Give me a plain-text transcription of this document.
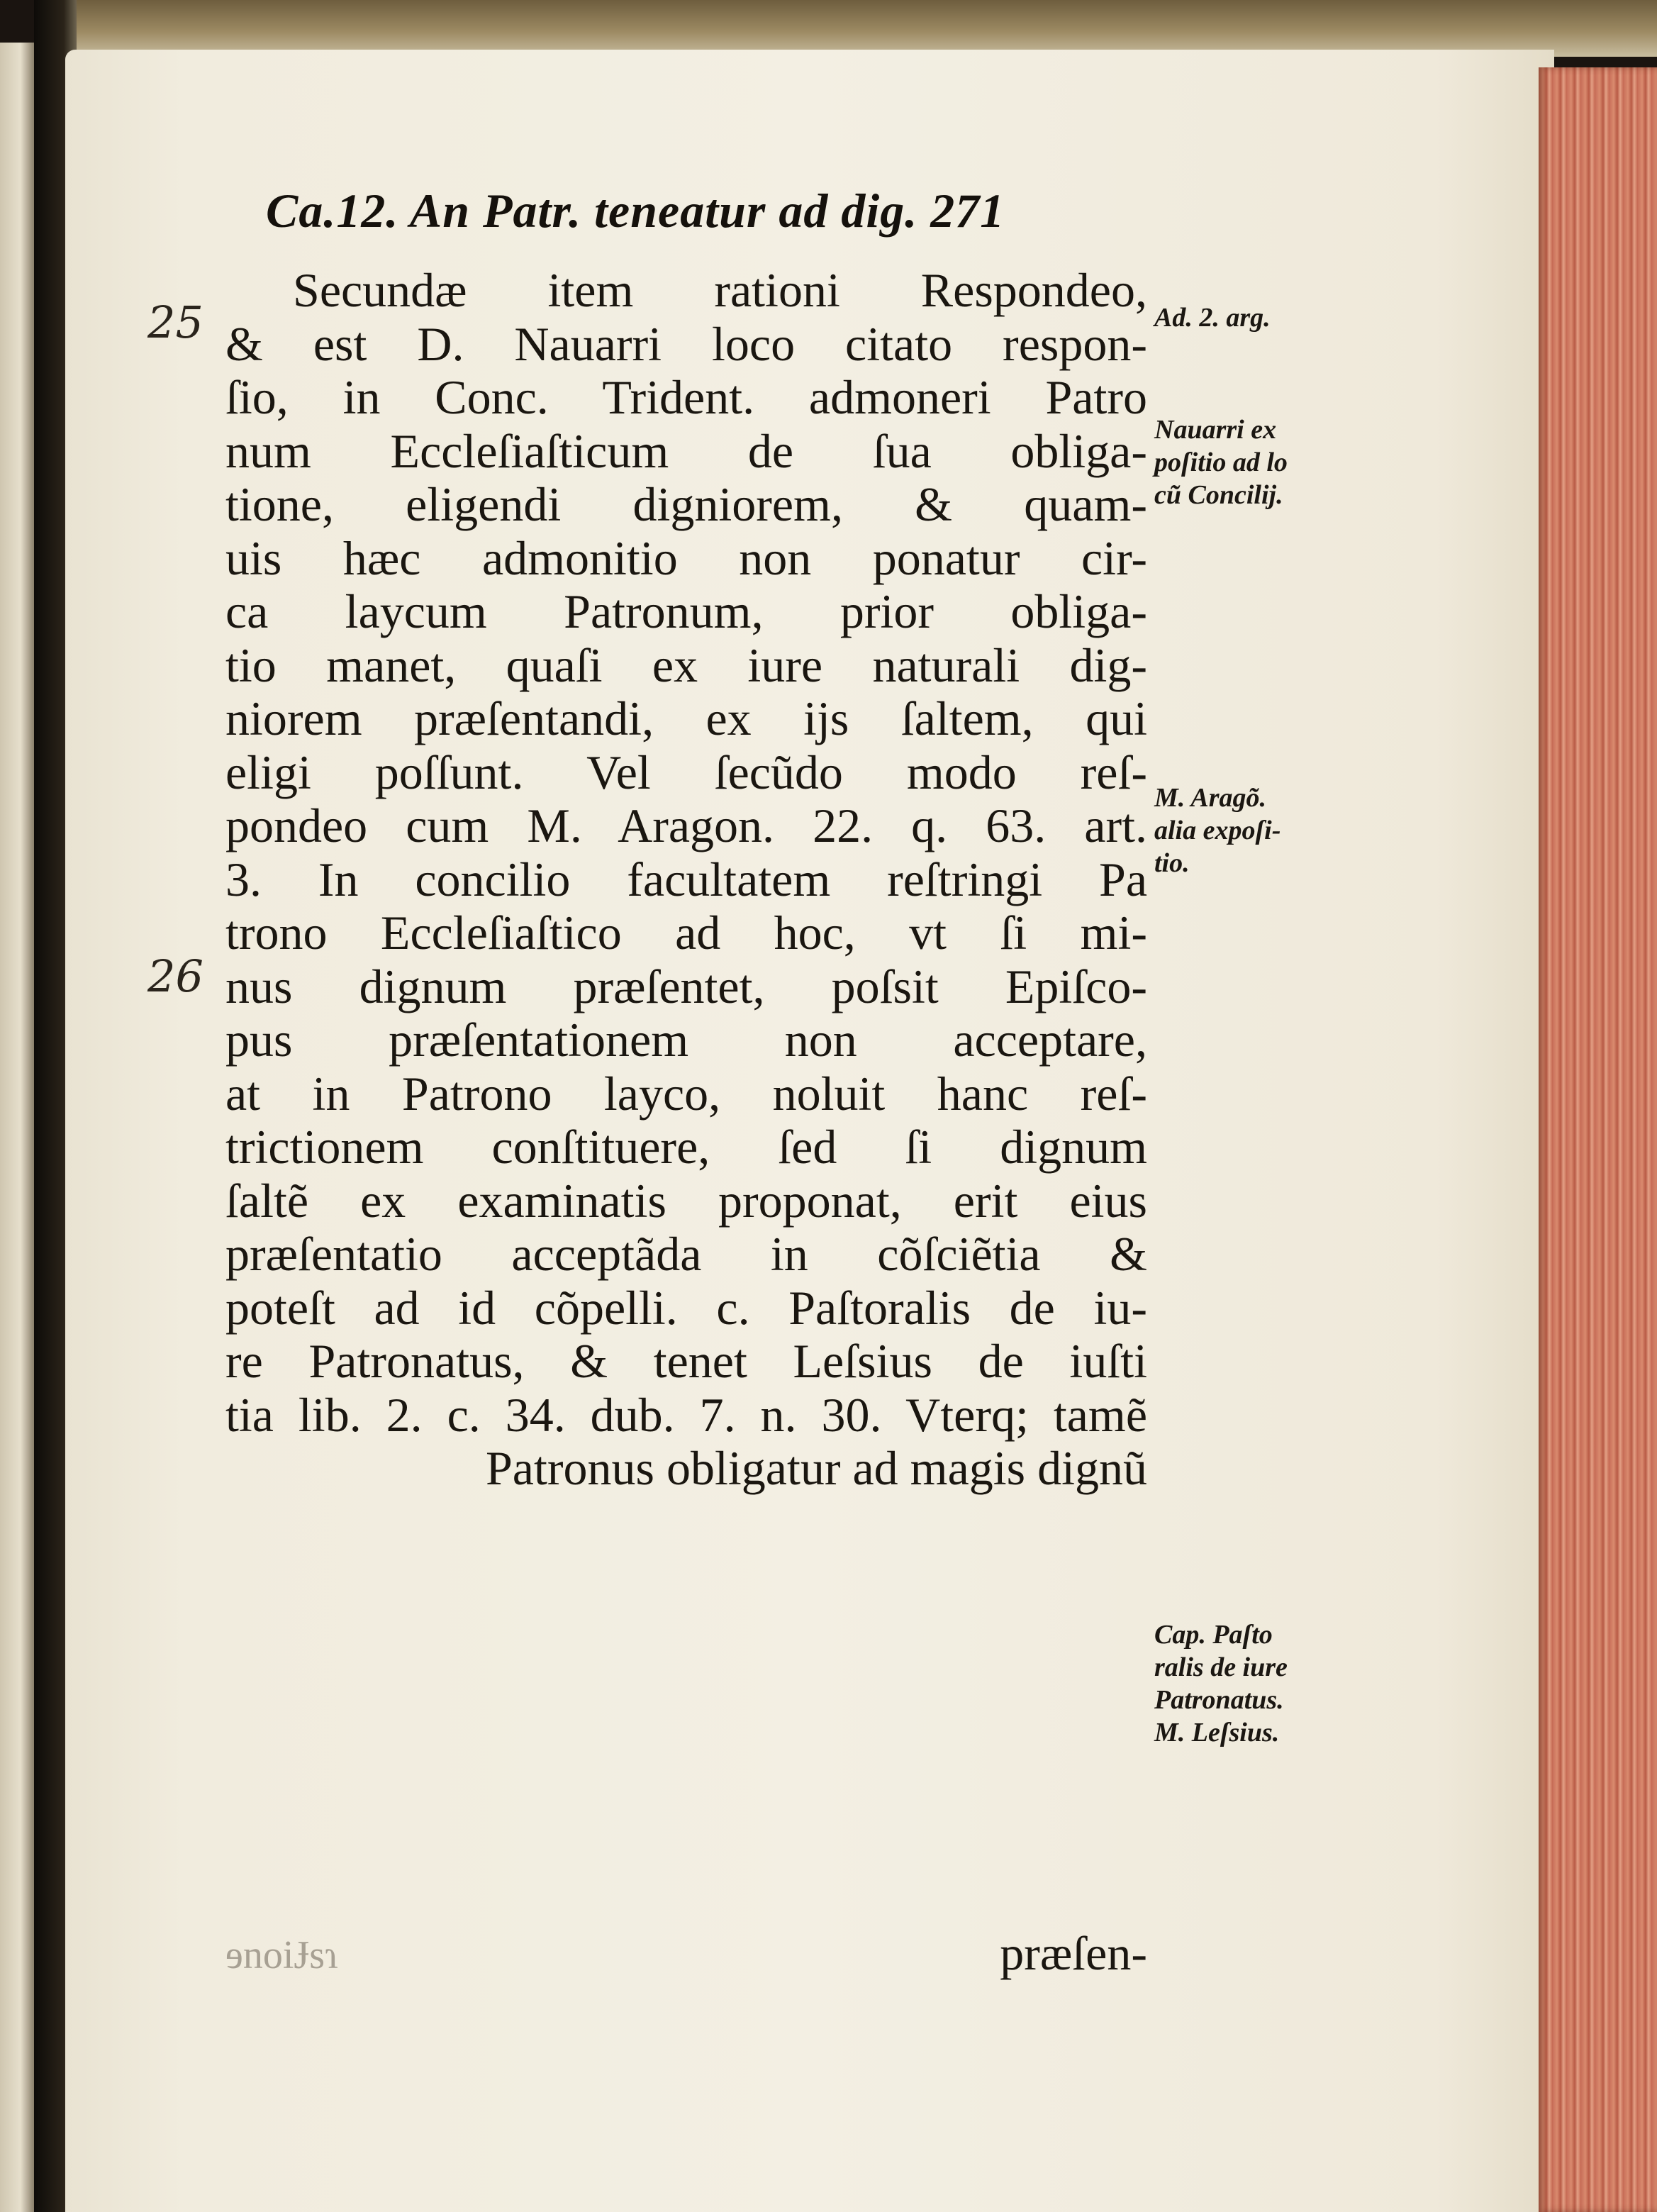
Ca.12. An Patr. teneatur ad dig. 271
25
26
Secundæ item rationi Respondeo,
& est D. Nauarri loco citato respon-
ſio, in Conc. Trident. admoneri Patro
num Eccleſiaſticum de ſua obliga-
tione, eligendi digniorem, & quam-
uis hæc admonitio non ponatur cir-
ca laycum Patronum, prior obliga-
tio manet, quaſi ex iure naturali dig-
niorem præſentandi, ex ijs ſaltem, qui
eligi poſſunt. Vel ſecũdo modo reſ-
pondeo cum M. Aragon. 22. q. 63. art.
3. In concilio facultatem reſtringi Pa
trono Eccleſiaſtico ad hoc, vt ſi mi-
nus dignum præſentet, poſsit Epiſco-
pus præſentationem non acceptare,
at in Patrono layco, noluit hanc reſ-
trictionem conſtituere, ſed ſi dignum
ſaltẽ ex examinatis proponat, erit eius
præſentatio acceptãda in cõſciẽtia &
poteſt ad id cõpelli. c. Paſtoralis de iu-
re Patronatus, & tenet Leſsius de iuſti
tia lib. 2. c. 34. dub. 7. n. 30. Vterq; tamẽ
Patronus obligatur ad magis dignũ
ɘnoiɈsɿ	præſen-
Ad. 2. arg.
Nauarri ex
poſitio ad lo
cũ Concilij.
M. Aragõ.
alia expoſi-
tio.
Cap. Paſto
ralis de iure
Patronatus.
M. Leſsius.
